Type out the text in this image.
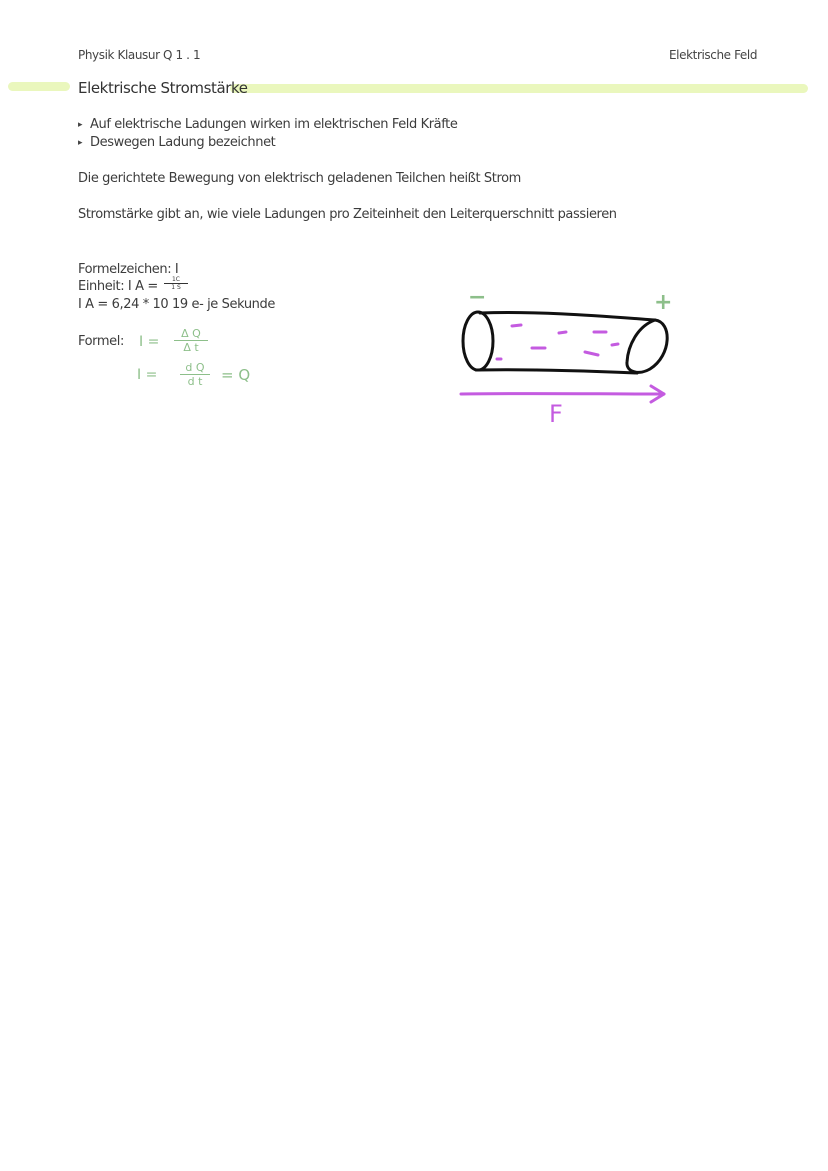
Physik Klausur Q 1 . 1	Elektrische Feld
Elektrische Stromstärke
▸ Auf elektrische Ladungen wirken im elektrischen Feld Kräfte
▸ Deswegen Ladung bezeichnet
Die gerichtete Bewegung von elektrisch geladenen Teilchen heißt Strom
Stromstärke gibt an, wie viele Ladungen pro Zeiteinheit den Leiterquerschnitt passieren
Formelzeichen: I
Einheit: I $A = \frac{1C}{1 S}$
I A = 6,24 * 10 19 e- je Sekunde
Formel: $I = \frac{\text{Δ Q}}{\text{Δ t}}$
$I = \frac{\text{d Q}}{\text{d t}} = Q$
−	+
F
